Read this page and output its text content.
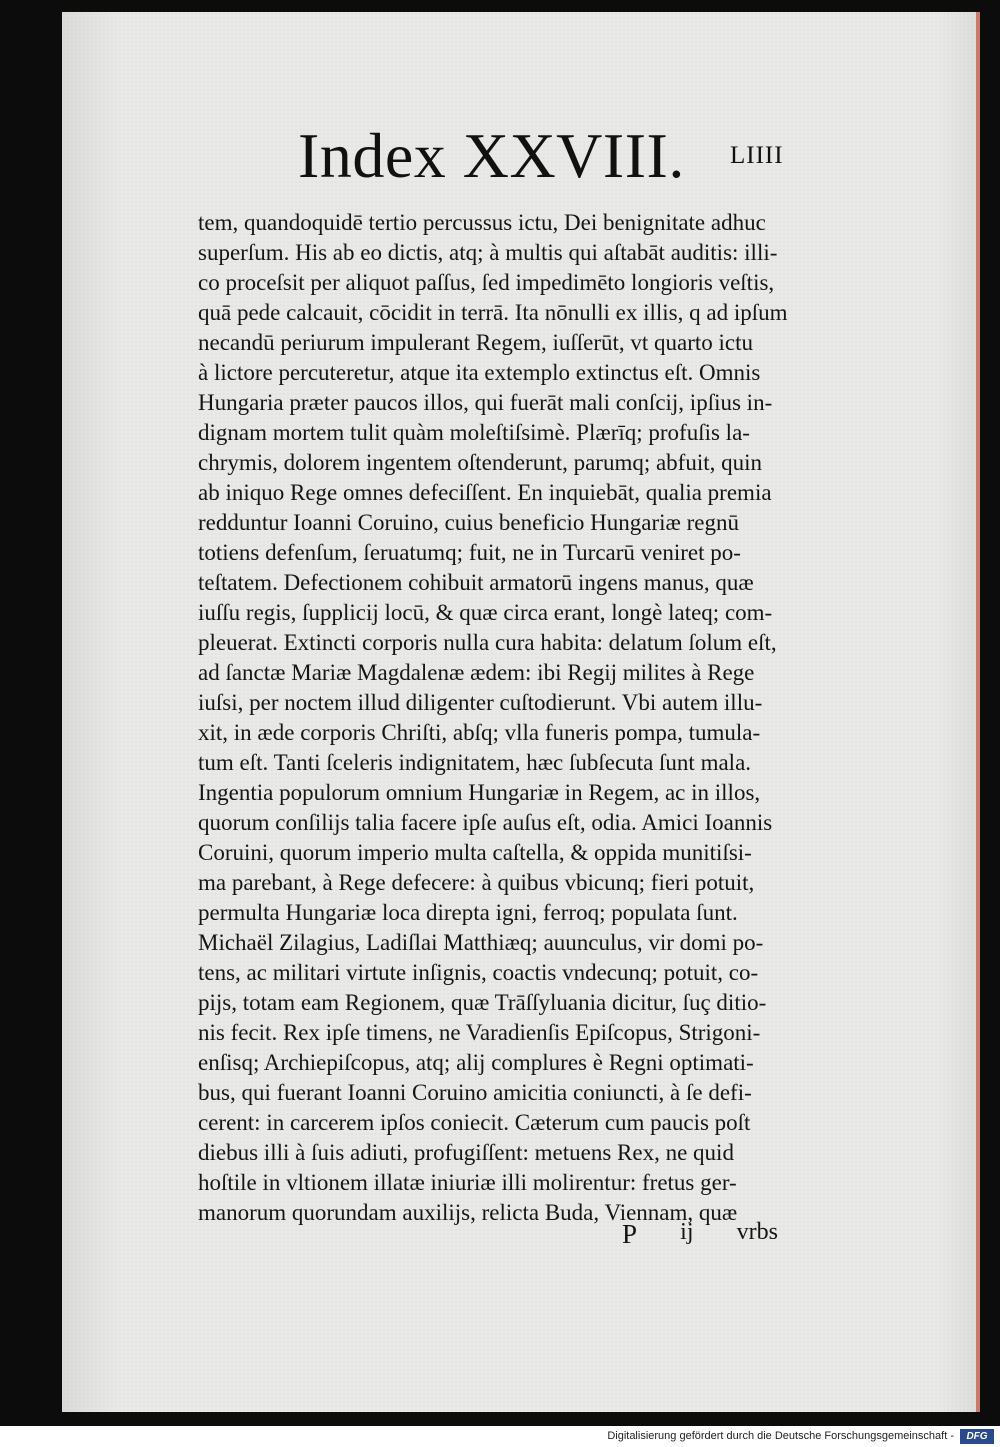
Index XXVIII. LIIII
tem, quandoquidē tertio percussus ictu, Dei benignitate adhuc
superſum. His ab eo dictis, atq; à multis qui aſtabāt auditis: illi-
co proceſsit per aliquot paſſus, ſed impedimēto longioris veſtis,
quā pede calcauit, cōcidit in terrā. Ita nōnulli ex illis, q ad ipſum
necandū periurum impulerant Regem, iuſſerūt, vt quarto ictu
à lictore percuteretur, atque ita extemplo extinctus eſt. Omnis
Hungaria præter paucos illos, qui fuerāt mali conſcij, ipſius in-
dignam mortem tulit quàm moleſtiſsimè. Plærīq; profuſis la-
chrymis, dolorem ingentem oſtenderunt, parumq; abfuit, quin
ab iniquo Rege omnes defeciſſent. En inquiebāt, qualia premia
redduntur Ioanni Coruino, cuius beneficio Hungariæ regnū
totiens defenſum, ſeruatumq; fuit, ne in Turcarū veniret po-
teſtatem. Defectionem cohibuit armatorū ingens manus, quæ
iuſſu regis, ſupplicij locū, & quæ circa erant, longè lateq; com-
pleuerat. Extincti corporis nulla cura habita: delatum ſolum eſt,
ad ſanctæ Mariæ Magdalenæ ædem: ibi Regij milites à Rege
iuſsi, per noctem illud diligenter cuſtodierunt. Vbi autem illu-
xit, in æde corporis Chriſti, abſq; vlla funeris pompa, tumula-
tum eſt. Tanti ſceleris indignitatem, hæc ſubſecuta ſunt mala.
Ingentia populorum omnium Hungariæ in Regem, ac in illos,
quorum conſilijs talia facere ipſe auſus eſt, odia. Amici Ioannis
Coruini, quorum imperio multa caſtella, & oppida munitiſsi-
ma parebant, à Rege defecere: à quibus vbicunq; fieri potuit,
permulta Hungariæ loca direpta igni, ferroq; populata ſunt.
Michaël Zilagius, Ladiſlai Matthiæq; auunculus, vir domi po-
tens, ac militari virtute inſignis, coactis vndecunq; potuit, co-
pijs, totam eam Regionem, quæ Trāſſyluania dicitur, ſuç ditio-
nis fecit. Rex ipſe timens, ne Varadienſis Epiſcopus, Strigoni-
enſisq; Archiepiſcopus, atq; alij complures è Regni optimati-
bus, qui fuerant Ioanni Coruino amicitia coniuncti, à ſe defi-
cerent: in carcerem ipſos coniecit. Cæterum cum paucis poſt
diebus illi à ſuis adiuti, profugiſſent: metuens Rex, ne quid
hoſtile in vltionem illatæ iniuriæ illi molirentur: fretus ger-
manorum quorundam auxilijs, relicta Buda, Viennam, quæ
P ij vrbs
Digitalisierung gefördert durch die Deutsche Forschungsgemeinschaft -	DFG
